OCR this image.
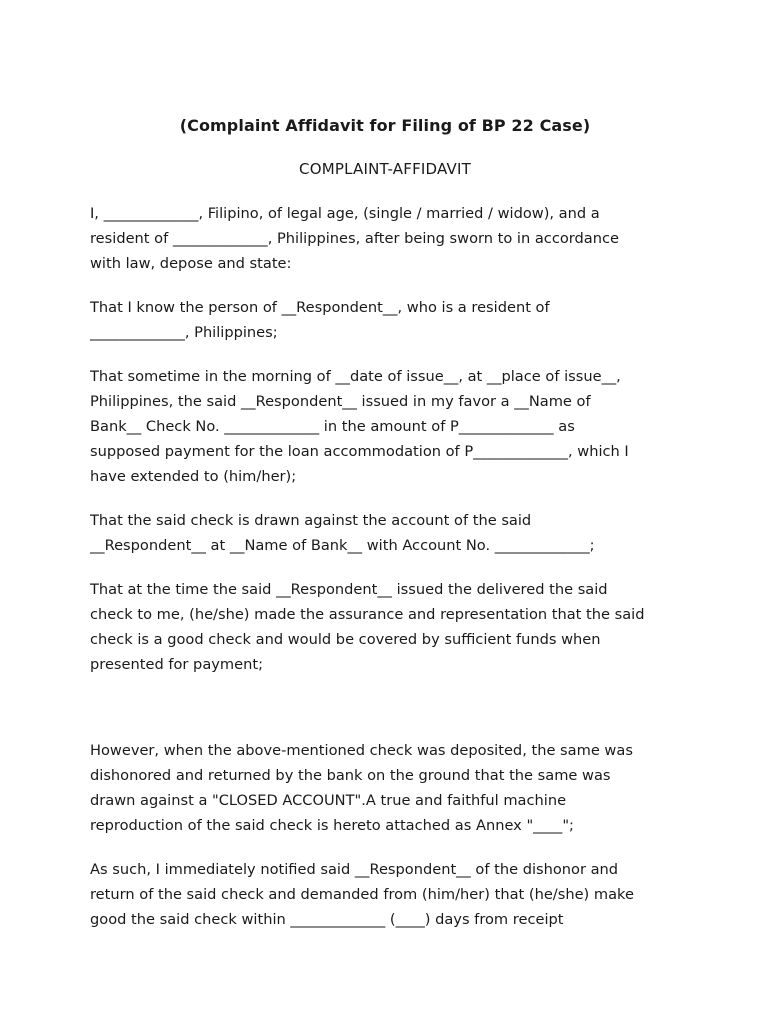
(Complaint Affidavit for Filing of BP 22 Case)
COMPLAINT-AFFIDAVIT

I, _____________, Filipino, of legal age, (single / married / widow), and a
resident of _____________, Philippines, after being sworn to in accordance
with law, depose and state:

That I know the person of __Respondent__, who is a resident of
_____________, Philippines;

That sometime in the morning of __date of issue__, at __place of issue__,
Philippines, the said __Respondent__ issued in my favor a __Name of
Bank__ Check No. _____________ in the amount of P_____________ as
supposed payment for the loan accommodation of P_____________, which I
have extended to (him/her);

That the said check is drawn against the account of the said
__Respondent__ at __Name of Bank__ with Account No. _____________;

That at the time the said __Respondent__ issued the delivered the said
check to me, (he/she) made the assurance and representation that the said
check is a good check and would be covered by sufficient funds when
presented for payment;

However, when the above-mentioned check was deposited, the same was
dishonored and returned by the bank on the ground that the same was
drawn against a "CLOSED ACCOUNT".A true and faithful machine
reproduction of the said check is hereto attached as Annex "____";

As such, I immediately notified said __Respondent__ of the dishonor and
return of the said check and demanded from (him/her) that (he/she) make
good the said check within _____________ (____) days from receipt
